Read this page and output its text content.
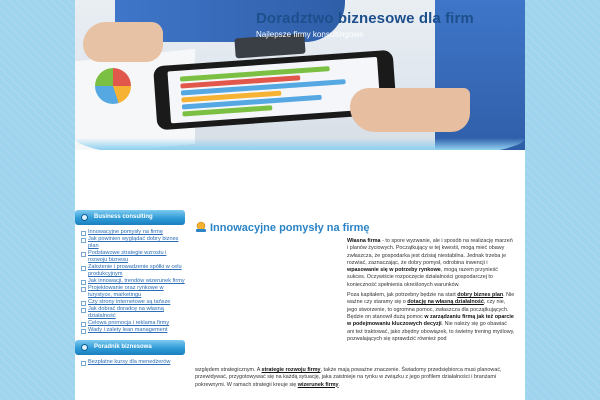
Doradztwo biznesowe dla firm
Najlepsze firmy konsultingowe
Business consulting
Innowacyjne pomysły na firmę
Jak powinien wyglądać dobry biznes plan
Podstawowe strategie wzrostu i rozwoju biznesu
Założenie i prowadzenie spółki w celu produkcyjnym
Jak innowacji, trendów wizerunek firmy
Projektowanie oraz rynkowe w turystyce, marketingu
Czy strony internetowe są tańsze
Jak dobrać doradcę na własną działalność
Celowa promocja i reklama firmy
Wady i zalety lean management
Poradnik biznesowa
Bezpłatne kursy dla menedżerów
Innowacyjne pomysły na firmę

Własna firma - to spore wyzwanie, ale i sposób na realizację marzeń i planów życiowych. Początkujący w tej kwestii, mogą mieć obawy zwłaszcza, że gospodarka jest dzisiaj niestabilna. Jednak trzeba je rozwiać, zaznaczając, że dobry pomysł, odrobina inwencji i wpasowanie się w potrzeby rynkowe, mogą razem przynieść sukces. Oczywiście rozpoczęcie działalności gospodarczej to konieczność spełnienia określonych warunków.

Poza kapitałem, jak potrzebny będzie na start dobry biznes plan. Nie ważne czy staramy się o dotację na własną działalność, czy nie, jego stworzenie, to ogromna pomoc, zwłaszcza dla początkujących. Będzie on stanowił dużą pomoc w zarządzaniu firmą jak też oparcie w podejmowaniu kluczowych decyzji. Nie należy się go obawiać ani też traktować, jako zbędny obowiązek, to świetny trening myślowy, pozwalających się sprawdzić również pod

względem strategicznym. A strategie rozwoju firmy, także mają poważne znaczenie. Świadomy przedsiębiorca musi planować, przewidywać, przygotowywać się na każdą sytuację, jaka zaistnieje na rynku w związku z jego profilem działalności i branżami pokrewnymi. W ramach strategii kreuje się wizerunek firmy.
